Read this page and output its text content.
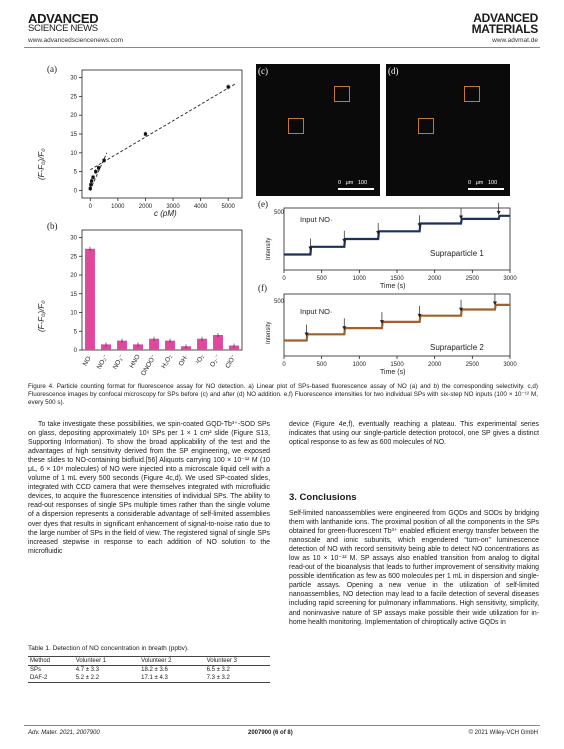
ADVANCED
SCIENCE NEWS
www.advancedsciencenews.com
ADVANCED
MATERIALS
www.advmat.de
(a)
(F-F₀)/F₀
c (pM)
0
5
10
15
20
25
30
0	1000 2000 3000 4000 5000
(b)
(F-F₀)/F₀
0
5
10
15
20
25
30
NO· NO₂⁻ NO₃⁻ HNO
ONOO⁻ H₂O₂ OH· ¹O₂ O₂·⁻ ClO⁻
(c)
0   μm   100
(d)
0   μm   100
(e)
Input NO·
Supraparticle 1
Intensity
Time (s)
500
0	500	1000	1500	2000	2500	3000
(f)
Input NO·
Supraparticle 2
Intensity
Time (s)
500
0	500	1000	1500	2000	2500	3000
Figure 4. Particle counting format for fluorescence assay for NO detection. a) Linear plot of SPs-based fluorescence assay of NO (a) and b) the corresponding selectivity. c,d) Fluorescence images by confocal microscopy for SPs before (c) and after (d) NO addition. e,f) Fluorescence intensities for two individual SPs with six-step NO inputs (100 × 10⁻¹² M, every 500 s).
To take investigate these possibilities, we spin-coated GQD-Tb³⁺-SOD SPs on glass, depositing approximately 10⁶ SPs per 1 × 1 cm² slide (Figure S13, Supporting Information). To show the broad applicability of the test and the advantages of high sensitivity derived from the SP engineering, we exposed these slides to NO-containing biofluid.[56] Aliquots carrying 100 × 10⁻¹² M (10 μL, 6 × 10⁸ molecules) of NO were injected into a microscale liquid cell with a volume of 1 mL every 500 seconds (Figure 4c,d). We used SP-coated slides, integrated with CCD camera that were themselves integrated with microfluidic devices, to acquire the fluorescence intensities of individual SPs. The ability to read-out responses of single SPs multiple times rather than the single volume of a dispersion represents a considerable advantage of self-limited assemblies over dyes that results in significant enhancement of signal-to-noise ratio due to the large number of SPs in the field of view. The registered signal of single SPs increased stepwise in response to each addition of NO solution to the microfluidic
Table 1. Detection of NO concentration in breath (ppbv).
Method	Volunteer 1	Volunteer 2	Volunteer 3
SPs	4.7 ± 3.3	18.2 ± 3.6	6.5 ± 3.2
DAF-2	5.2 ± 2.2	17.1 ± 4.3	7.3 ± 3.2
device (Figure 4e,f), eventually reaching a plateau. This experimental series indicates that using our single-particle detection protocol, one SP gives a distinct optical response to as few as 600 molecules of NO.
3. Conclusions
Self-limited nanoassemblies were engineered from GQDs and SODs by bridging them with lanthanide ions. The proximal position of all the components in the SPs obtained for green-fluorescent Tb³⁺ enabled efficient energy transfer between the nanoscale and ionic subunits, which engendered “turn-on” luminescence detection of NO with record sensitivity being able to detect NO concentrations as low as 10 × 10⁻¹² M. SP assays also enabled transition from analog to digital read-out of the bioanalysis that leads to further improvement of sensitivity making possible identification as few as 600 molecules per 1 mL in dispersion and single-particle assays. Opening a new venue in the utilization of self-limited nanoassemblies, NO detection may lead to a facile detection of several diseases including rapid screening for pulmonary inflammations. High sensitivity, simplicity, and noninvasive nature of SP assays make possible their wide utilization for in-home health monitoring. Implementation of chiroptically active GQDs in
Adv. Mater. 2021, 2007900	2007900 (6 of 8)	© 2021 Wiley-VCH GmbH
